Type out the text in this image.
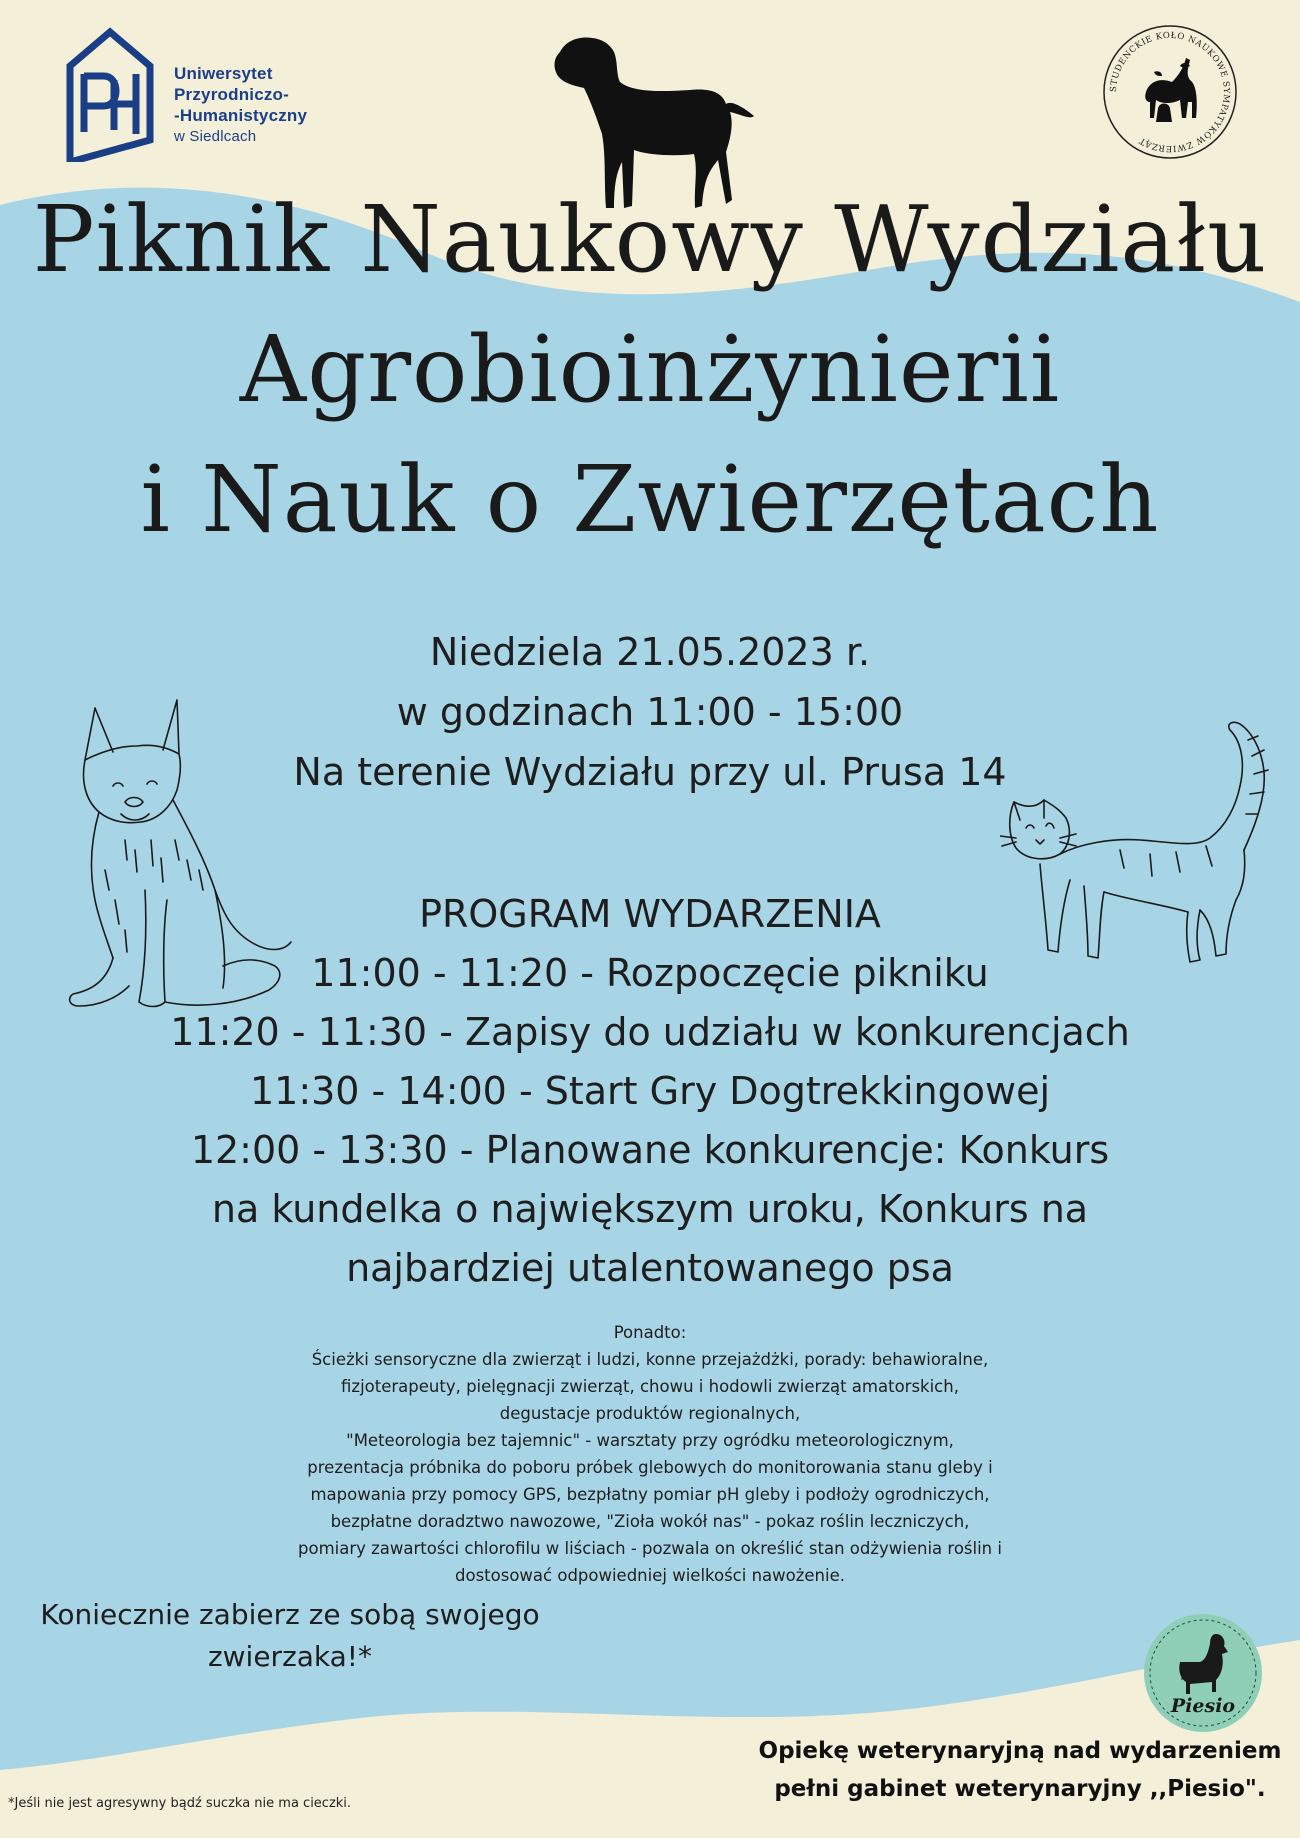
Uniwersytet
Przyrodniczo-
-Humanistyczny
w Siedlcach
STUDENCKIE KOŁO NAUKOWE SYMPATYKÓW ZWIERZĄT
Piknik Naukowy Wydziału
Agrobioinżynierii
i Nauk o Zwierzętach
Niedziela 21.05.2023 r.
w godzinach 11:00 - 15:00
Na terenie Wydziału przy ul. Prusa 14
PROGRAM WYDARZENIA
11:00 - 11:20 - Rozpoczęcie pikniku
11:20 - 11:30 - Zapisy do udziału w konkurencjach
11:30 - 14:00 - Start Gry Dogtrekkingowej
12:00 - 13:30 - Planowane konkurencje: Konkurs
na kundelka o największym uroku, Konkurs na
najbardziej utalentowanego psa
Ponadto:
Ścieżki sensoryczne dla zwierząt i ludzi, konne przejażdżki, porady: behawioralne,
fizjoterapeuty, pielęgnacji zwierząt, chowu i hodowli zwierząt amatorskich,
degustacje produktów regionalnych,
"Meteorologia bez tajemnic" - warsztaty przy ogródku meteorologicznym,
prezentacja próbnika do poboru próbek glebowych do monitorowania stanu gleby i
mapowania przy pomocy GPS, bezpłatny pomiar pH gleby i podłoży ogrodniczych,
bezpłatne doradztwo nawozowe, "Zioła wokół nas" - pokaz roślin leczniczych,
pomiary zawartości chlorofilu w liściach - pozwala on określić stan odżywienia roślin i
dostosować odpowiedniej wielkości nawożenie.
Koniecznie zabierz ze sobą swojego
zwierzaka!*
Piesio
Opiekę weterynaryjną nad wydarzeniem
pełni gabinet weterynaryjny ,,Piesio".
*Jeśli nie jest agresywny bądź suczka nie ma cieczki.
